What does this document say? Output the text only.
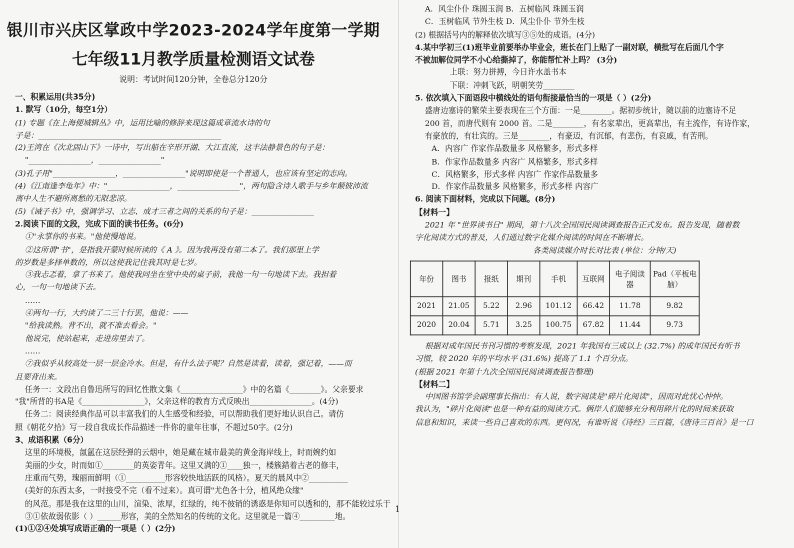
银川市兴庆区掌政中学2023-2024学年度第一学期
七年级11月教学质量检测语文试卷
说明：考试时间120分钟，全卷总分120分

一、积累运用(共35分)

1. 默写（10分，每空1分）

(1) 专题《在上海便城辑丛》中，运用比喻的修辞来现这篇成章流水诗的句

子是：_______________________________________________

(2)王湾在《次北固山下》一诗中，写出船在辛形开湖、大江直流，这丰法静景色的句子是：

"________________，________________"

(3)孔子用"________________，________________"说明即使是一个普通人，也应该有坚定的志向。

(4)《江南逢李龟年》中："________________，________________"，两句隐含诗人歌手与乡年颠彼沛流

离中人生不避所离愁的无限悲凉。

(5)《诫子书》中，强调学习、立志、成才三者之间的关系的句子是：________________

2.阅读下面的文段，完成下面的读书任务。(6分)

①"永掌你的书来。"他使慢地说。

②这所谓"书"，是指我开蒙时候所读的《 A 》。因为我再没有第二本了。我们那里上学

的岁数是多择单数的，所以这使我记住我其时是七岁。

③我忐忑着，拿了书来了。他使我同坐在堂中央的桌子前，我他一句一句地读下去。我担着

心，一句一句地读下去。

……

④两句一行，大约读了二三十行罢，他说：——

"给我读熟。背不出，就不准去看会。"

他说完，使站起来，走进房里去了。

……

⑦我似乎从较高处一层一层金冷水。但是，有什么法子呢？自然是读着，读着，强记着，——而

且要背出来。

任务一：文段出自鲁迅所写的回忆性散文集《________________》中的名篇《________》。父亲要求

"我"所背的书A是《________________》，父亲这样的教育方式反映出________________。(4分)

任务二：阅读经典作品可以丰富我们的人生感受和经验，可以帮助我们更好地认识自己。请仿

照《朝花夕拾》写一段自我成长作品描述一件你的童年往事，不超过50字。(2分)

3、成语积累（6分）

这里的环境极，氤氲在这层经弹的云烟中，她是藏在城市最美的黄金海岸线上，时而婉约如

美丽的少女，时而如①________的英姿青年。这里又满的①____独一，楼簇錯着古老的修丰，

庄重而气势，瑰丽而鲜明（①__________形容较快地活跃的风格）。夏天的晨风中②__________

(美好的东西太多，一时接受不完（看不过来）。真可谓"尤色各十分，植风绝众缘"

的风范。那是我在这里的山川，渲染、浓厚，红绿的，纯不彼销的诱惑是你知可以透和的，那不能较过乐于

③①依故弱依影（ ）______形容，美的全然知名的传统的文化。这里就是一篇④_________地。

(1)①②④处填写成语正确的一项是（ ）(2分)

A．风尘仆仆 珠圆玉润 B．五树临风 珠圆玉润

C．玉树临风 节外生枝 D．风尘仆仆 节外生枝

(2) 根据括号内的解释依次填写③⑤处的成语。(4分)

4.某中学初三(1)班毕业前要举办毕业会，班长在门上贴了一副对联，横批写在后面几个字

不被加解位同学不小心给撕掉了，你能帮忙补上吗？ (3分)

上联：努力拼搏，今日许水盖书本

下联：冲刺飞跃，明朝笑劳________

5. 依次填入下面语段中横线处的语句衔接最恰当的一项是（ ）(2分)

盛唐边塞诗的繁荣主要表现在三个方面：一是________。据初步统计，随以前的边塞诗不足

200 首，而唐代则有 2000 首。二是________，有名家辈出，更高辈出，有主流作，有诗作家，

有豪放的，有壮宾的。三是________，有豪迈，有沉郁，有悲伤，有哀戚，有苦刑。

A．内容广 作家作品数量多 风格繁多，形式多样

B．作家作品数量多 内容广 风格繁多，形式多样

C．风格繁多，形式多样 内容广 作家作品数量多

D．作家作品数量多 风格繁多，形式多样 内容广

6. 阅读下面材料，完成以下问题。(8分)

【材料一】

2021 年 "世界读书日" 期间，第十八次全国国民阅读调查报告正式发布。报告发现，随着数

字化阅读方式的普及，人们通过数字化媒介阅读的时间在不断增长。

各类阅读媒介时长对比表 (单位：分钟/天)

年份	图书	报纸	期刊	手机	互联网	电子阅读器	Pad（平板电脑）
2021	21.05	5.22	2.96	101.12	66.42	11.78	9.82
2020	20.04	5.71	3.25	100.75	67.82	11.44	9.73

根据对成年国民书刊习惯的考察发现，2021 年我国有三成以上 (32.7%) 的成年国民有听书

习惯，较 2020 年的平均水平 (31.6%) 提高了 1.1 个百分点。

(根据 2021 年第十九次全国国民阅读调查报告整理)

【材料二】

中国图书馆学会副理事长指出：有人说，数字阅读是"碎片化阅读"，因而对此忧心忡忡。

我认为，"碎片化阅读"也是一种有益的阅读方式。俩岸人们能够充分利用碎片化的时间来获取

信息和知识，来读一些自己喜欢的东西。更何况，有谁听说《诗经》三百篇，《唐诗三百首》是一口

1
